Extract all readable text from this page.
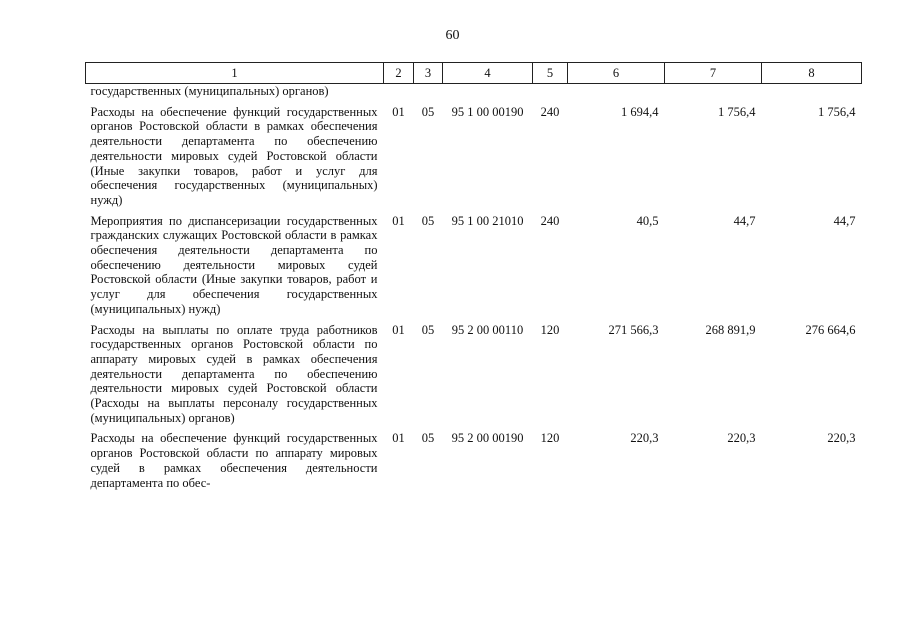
60
1	2	3	4	5	6	7	8
государственных (муниципальных) органов)							
Расходы на обеспечение функций государственных органов Ростовской области в рамках обеспечения деятельности департамента по обеспечению деятельности мировых судей Ростовской области (Иные закупки товаров, работ и услуг для обеспечения государственных (муниципальных) нужд)	01	05	95 1 00 00190	240	1 694,4	1 756,4	1 756,4
Мероприятия по диспансеризации государственных гражданских служащих Ростовской области в рамках обеспечения деятельности департамента по обеспечению деятельности мировых судей Ростовской области (Иные закупки товаров, работ и услуг для обеспечения государственных (муниципальных) нужд)	01	05	95 1 00 21010	240	40,5	44,7	44,7
Расходы на выплаты по оплате труда работников государственных органов Ростовской области по аппарату мировых судей в рамках обеспечения деятельности департамента по обеспечению деятельности мировых судей Ростовской области (Расходы на выплаты персоналу государственных (муниципальных) органов)	01	05	95 2 00 00110	120	271 566,3	268 891,9	276 664,6
Расходы на обеспечение функций государственных органов Ростовской области по аппарату мировых судей в рамках обеспечения деятельности департамента по обес-	01	05	95 2 00 00190	120	220,3	220,3	220,3
